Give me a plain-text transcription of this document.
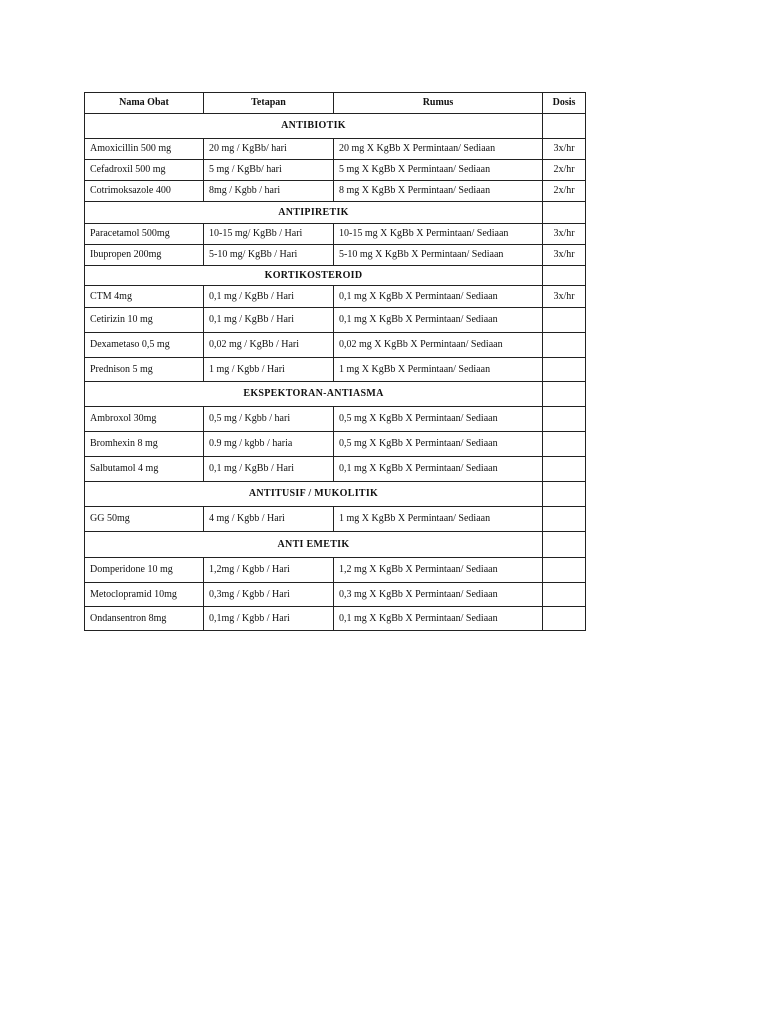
Nama Obat	Tetapan	Rumus	Dosis
ANTIBIOTIK			
Amoxicillin 500 mg	20 mg / KgBb/ hari	20 mg X KgBb X Permintaan/ Sediaan	3x/hr
Cefadroxil 500 mg	5 mg / KgBb/ hari	5 mg X KgBb X Permintaan/ Sediaan	2x/hr
Cotrimoksazole 400	8mg / Kgbb / hari	8 mg X KgBb X Permintaan/ Sediaan	2x/hr
ANTIPIRETIK			
Paracetamol 500mg	10-15 mg/ KgBb / Hari	10-15 mg X KgBb X Permintaan/ Sediaan	3x/hr
Ibupropen 200mg	5-10 mg/ KgBb / Hari	5-10 mg X KgBb X Permintaan/ Sediaan	3x/hr
KORTIKOSTEROID			
CTM 4mg	0,1 mg / KgBb / Hari	0,1 mg X KgBb X Permintaan/ Sediaan	3x/hr
Cetirizin 10 mg	0,1 mg / KgBb / Hari	0,1 mg X KgBb X Permintaan/ Sediaan	
Dexametaso 0,5 mg	0,02 mg / KgBb / Hari	0,02 mg X KgBb X Permintaan/ Sediaan	
Prednison 5 mg	1 mg / Kgbb / Hari	1 mg X KgBb X Permintaan/ Sediaan	
EKSPEKTORAN-ANTIASMA			
Ambroxol 30mg	0,5 mg / Kgbb / hari	0,5 mg X KgBb X Permintaan/ Sediaan	
Bromhexin 8 mg	0.9 mg / kgbb / haria	0,5 mg X KgBb X Permintaan/ Sediaan	
Salbutamol 4 mg	0,1 mg / KgBb / Hari	0,1 mg X KgBb X Permintaan/ Sediaan	
ANTITUSIF / MUKOLITIK			
GG 50mg	4 mg / Kgbb / Hari	1 mg X KgBb X Permintaan/ Sediaan	
ANTI EMETIK			
Domperidone 10 mg	1,2mg / Kgbb / Hari	1,2 mg X KgBb X Permintaan/ Sediaan	
Metoclopramid 10mg	0,3mg / Kgbb / Hari	0,3 mg X KgBb X Permintaan/ Sediaan	
Ondansentron 8mg	0,1mg / Kgbb / Hari	0,1 mg X KgBb X Permintaan/ Sediaan	
